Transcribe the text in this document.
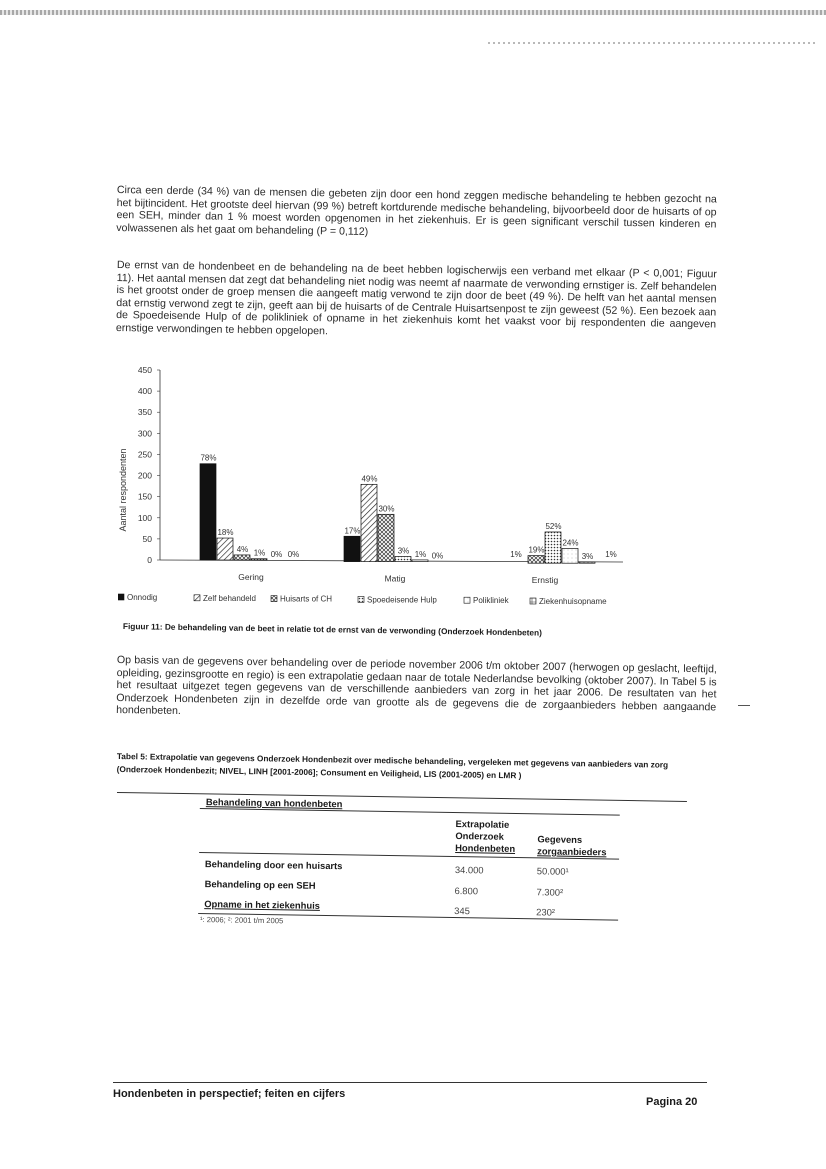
Circa een derde (34 %) van de mensen die gebeten zijn door een hond zeggen medische behandeling te hebben gezocht na het bijtincident. Het grootste deel hiervan (99 %) betreft kortdurende medische behandeling, bijvoorbeeld door de huisarts of op een SEH, minder dan 1 % moest worden opgenomen in het ziekenhuis. Er is geen significant verschil tussen kinderen en volwassenen als het gaat om behandeling (P = 0,112)
De ernst van de hondenbeet en de behandeling na de beet hebben logischerwijs een verband met elkaar (P < 0,001; Figuur 11). Het aantal mensen dat zegt dat behandeling niet nodig was neemt af naarmate de verwonding ernstiger is. Zelf behandelen is het grootst onder de groep mensen die aangeeft matig verwond te zijn door de beet (49 %). De helft van het aantal mensen dat ernstig verwond zegt te zijn, geeft aan bij de huisarts of de Centrale Huisartsenpost te zijn geweest (52 %). Een bezoek aan de Spoedeisende Hulp of de polikliniek of opname in het ziekenhuis komt het vaakst voor bij respondenten die aangeven ernstige verwondingen te hebben opgelopen.
Aantal respondenten
0
50
100
150
200
250
300
350
400
450
78%
18%
4% 1% 0% 0%
17%
49%
30%
3% 1% 0%
19%
52%
24%
3%
Gering	Matig	Ernstig
1%	1%
Onnodig	Zelf behandeld	Huisarts of CH	Spoedeisende Hulp	Polikliniek	Ziekenhuisopname
Figuur 11: De behandeling van de beet in relatie tot de ernst van de verwonding (Onderzoek Hondenbeten)
Op basis van de gegevens over behandeling over de periode november 2006 t/m oktober 2007 (herwogen op geslacht, leeftijd, opleiding, gezinsgrootte en regio) is een extrapolatie gedaan naar de totale Nederlandse bevolking (oktober 2007). In Tabel 5 is het resultaat uitgezet tegen gegevens van de verschillende aanbieders van zorg in het jaar 2006. De resultaten van het Onderzoek Hondenbeten zijn in dezelfde orde van grootte als de gegevens die de zorgaanbieders hebben aangaande hondenbeten.
Tabel 5: Extrapolatie van gegevens Onderzoek Hondenbezit over medische behandeling, vergeleken met gegevens van aanbieders van zorg (Onderzoek Hondenbezit; NIVEL, LINH [2001-2006]; Consument en Veiligheid, LIS (2001-2005) en LMR )
Behandeling van hondenbeten
Extrapolatie
Onderzoek
Hondenbeten
Gegevens
zorgaanbieders
Behandeling door een huisarts	34.000	50.000¹
Behandeling op een SEH	6.800	7.300²
Opname in het ziekenhuis	345	230²
¹: 2006; ²: 2001 t/m 2005
Hondenbeten in perspectief; feiten en cijfers
Pagina 20
